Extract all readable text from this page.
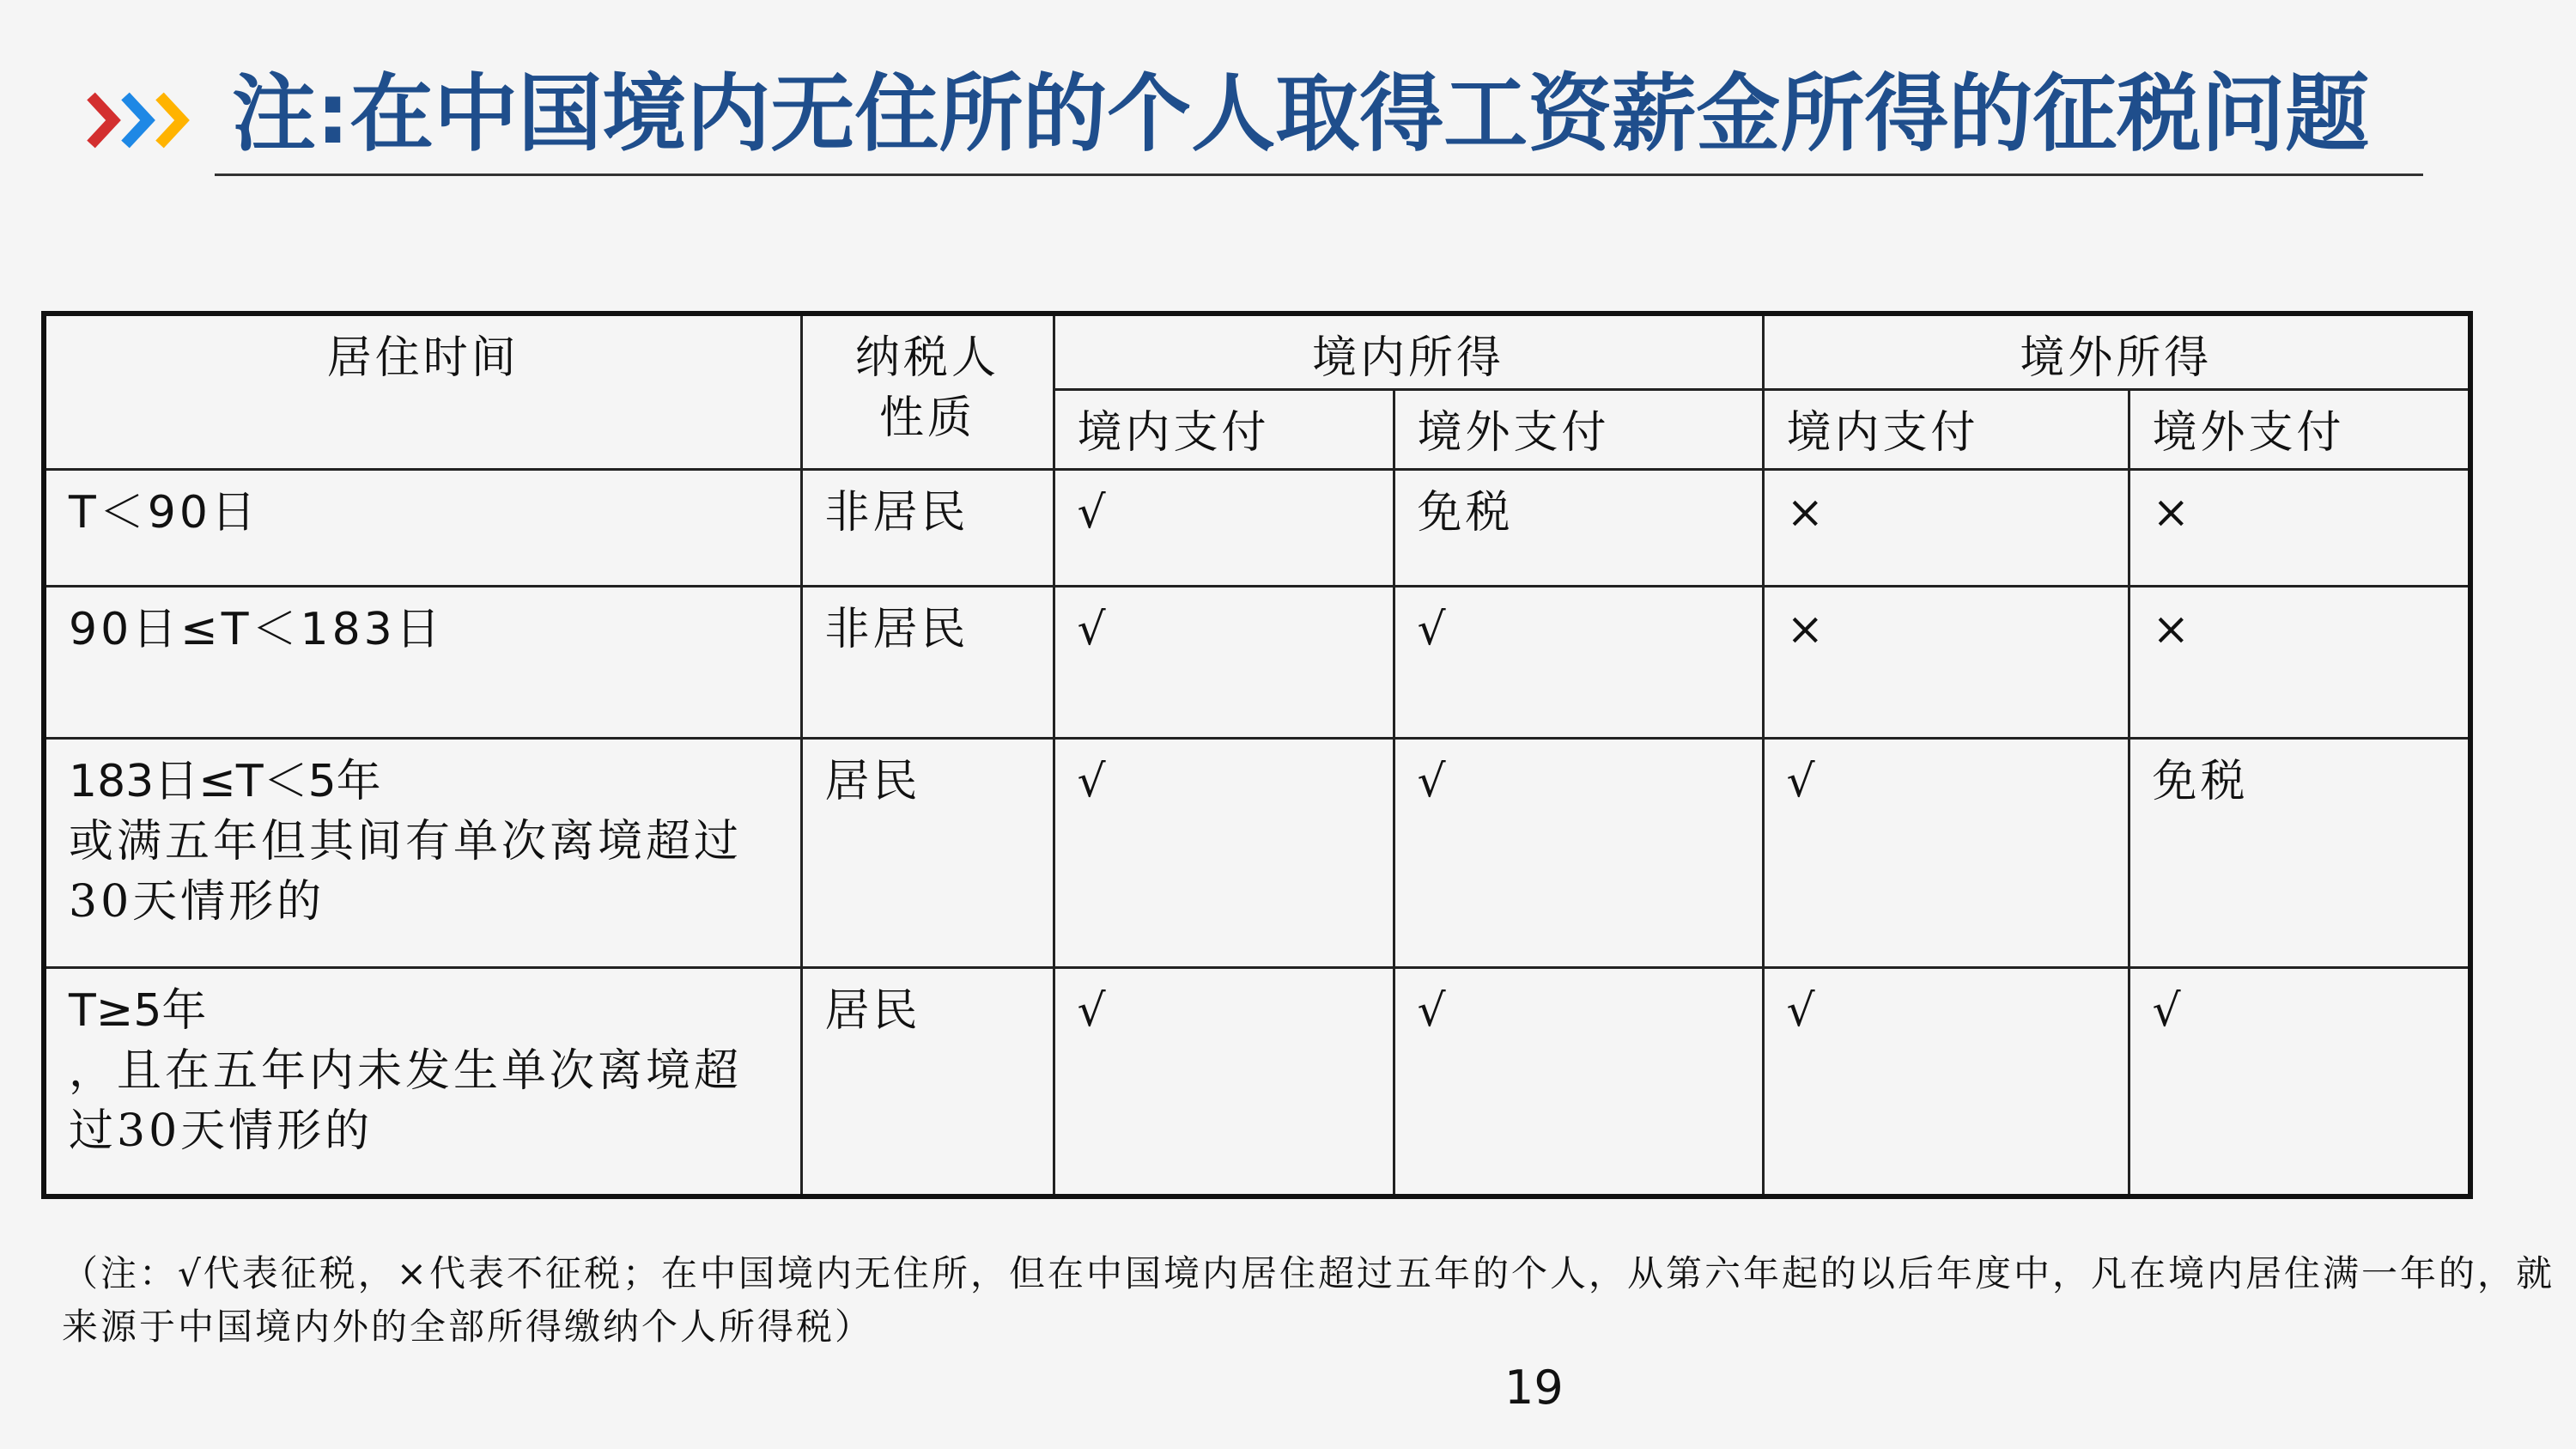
注:在中国境内无住所的个人取得工资薪金所得的征税问题
居住时间	纳税人性质	境内所得		境外所得	
		境内支付	境外支付	境内支付	境外支付
T＜90日	非居民	√	免税	×	×
90日≤T＜183日	非居民	√	√	×	×

183日≤T＜5年
或满五年但其间有单次离境超过
30天情形的	居民	√	√	√	免税

T≥5年
，且在五年内未发生单次离境超
过30天情形的	居民	√	√	√	√
（注：√代表征税，×代表不征税；在中国境内无住所，但在中国境内居住超过五年的个人，从第六年起的以后年度中，凡在境内居住满一年的，就来源于中国境内外的全部所得缴纳个人所得税）
19
